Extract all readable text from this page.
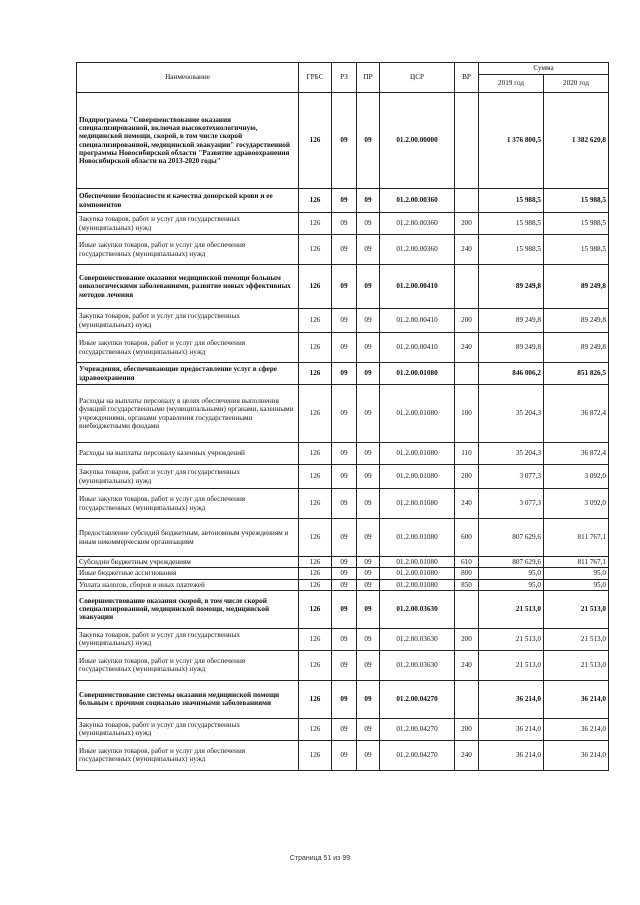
Наименование	ГРБС	РЗ	ПР	ЦСР	ВР	Сумма	
						2019 год	2020 год
Подпрограмма "Совершенствование оказания специализированной, включая высокотехнологичную, медицинской помощи, скорой, в том числе скорой специализированной, медицинской эвакуации" государственной программы Новосибирской области "Развитие здравоохранения Новосибирской области на 2013-2020 годы"	126	09	09	01.2.00.00000		1 376 800,5	1 382 620,8
Обеспечение безопасности и качества донорской крови и ее компонентов	126	09	09	01.2.00.00360		15 988,5	15 988,5
Закупка товаров, работ и услуг для государственных (муниципальных) нужд	126	09	09	01.2.00.00360	200	15 988,5	15 988,5
Иные закупки товаров, работ и услуг для обеспечения государственных (муниципальных) нужд	126	09	09	01.2.00.00360	240	15 988,5	15 988,5
Совершенствование оказания медицинской помощи больным онкологическими заболеваниями, развитие новых эффективных методов лечения	126	09	09	01.2.00.00410		89 249,8	89 249,8
Закупка товаров, работ и услуг для государственных (муниципальных) нужд	126	09	09	01.2.00.00410	200	89 249,8	89 249,8
Иные закупки товаров, работ и услуг для обеспечения государственных (муниципальных) нужд	126	09	09	01.2.00.00410	240	89 249,8	89 249,8
Учреждения, обеспечивающие предоставление услуг в сфере здравоохранения	126	09	09	01.2.00.01080		846 006,2	851 826,5
Расходы на выплаты персоналу в целях обеспечения выполнения функций государственными (муниципальными) органами, казенными учреждениями, органами управления государственными внебюджетными фондами	126	09	09	01.2.00.01080	100	35 204,3	36 872,4
Расходы на выплаты персоналу казенных учреждений	126	09	09	01.2.00.01080	110	35 204,3	36 872,4
Закупка товаров, работ и услуг для государственных (муниципальных) нужд	126	09	09	01.2.00.01080	200	3 077,3	3 092,0
Иные закупки товаров, работ и услуг для обеспечения государственных (муниципальных) нужд	126	09	09	01.2.00.01080	240	3 077,3	3 092,0
Предоставление субсидий бюджетным, автономным учреждениям и иным некоммерческим организациям	126	09	09	01.2.00.01080	600	807 629,6	811 767,1
Субсидии бюджетным учреждениям	126	09	09	01.2.00.01080	610	807 629,6	811 767,1
Иные бюджетные ассигнования	126	09	09	01.2.00.01080	800	95,0	95,0
Уплата налогов, сборов и иных платежей	126	09	09	01.2.00.01080	850	95,0	95,0
Совершенствование оказания скорой, в том числе скорой специализированной, медицинской помощи, медицинской эвакуации	126	09	09	01.2.00.03630		21 513,0	21 513,0
Закупка товаров, работ и услуг для государственных (муниципальных) нужд	126	09	09	01.2.00.03630	200	21 513,0	21 513,0
Иные закупки товаров, работ и услуг для обеспечения государственных (муниципальных) нужд	126	09	09	01.2.00.03630	240	21 513,0	21 513,0
Совершенствование системы оказания медицинской помощи больным с прочими социально значимыми заболеваниями	126	09	09	01.2.00.04270		36 214,0	36 214,0
Закупка товаров, работ и услуг для государственных (муниципальных) нужд	126	09	09	01.2.00.04270	200	36 214,0	36 214,0
Иные закупки товаров, работ и услуг для обеспечения государственных (муниципальных) нужд	126	09	09	01.2.00.04270	240	36 214,0	36 214,0
Страница 51 из 99
